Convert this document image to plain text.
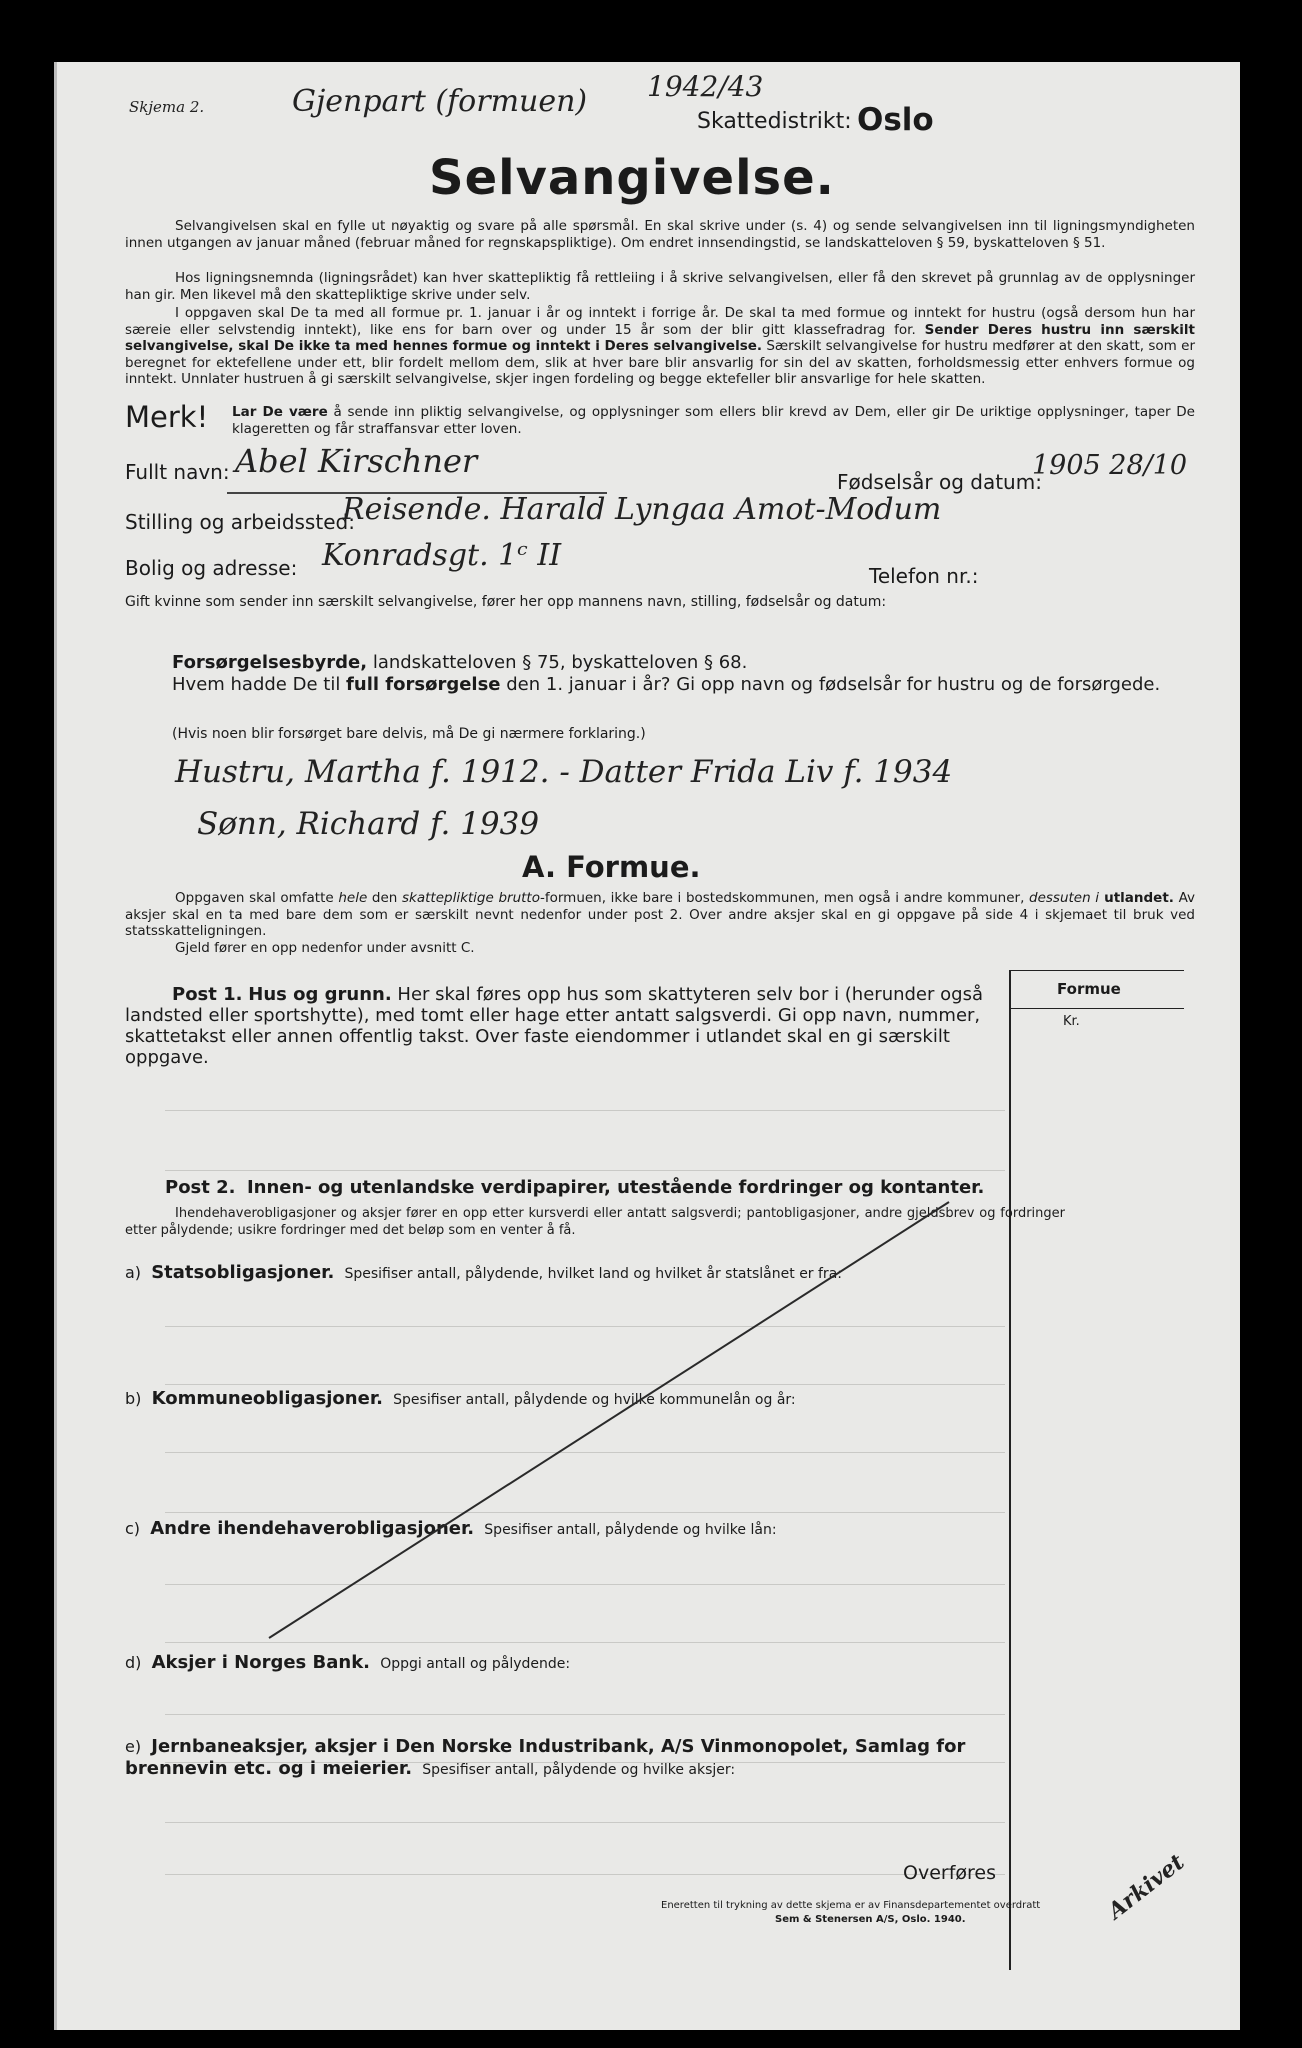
Skjema 2.	Gjenpart (formuen) 1942/43
Skattedistrikt: Oslo
Selvangivelse.
Selvangivelsen skal en fylle ut nøyaktig og svare på alle spørsmål. En skal skrive under (s. 4) og sende selvangivelsen inn til ligningsmyndigheten innen utgangen av januar måned (februar måned for regnskapspliktige). Om endret innsendingstid, se landskatteloven § 59, byskatteloven § 51.
Hos ligningsnemnda (ligningsrådet) kan hver skattepliktig få rettleiing i å skrive selvangivelsen, eller få den skrevet på grunnlag av de opplysninger han gir. Men likevel må den skattepliktige skrive under selv.
I oppgaven skal De ta med all formue pr. 1. januar i år og inntekt i forrige år. De skal ta med formue og inntekt for hustru (også dersom hun har særeie eller selvstendig inntekt), like ens for barn over og under 15 år som der blir gitt klassefradrag for. Sender Deres hustru inn særskilt selvangivelse, skal De ikke ta med hennes formue og inntekt i Deres selvangivelse. Særskilt selvangivelse for hustru medfører at den skatt, som er beregnet for ektefellene under ett, blir fordelt mellom dem, slik at hver bare blir ansvarlig for sin del av skatten, forholdsmessig etter enhvers formue og inntekt. Unnlater hustruen å gi særskilt selvangivelse, skjer ingen fordeling og begge ektefeller blir ansvarlige for hele skatten.
Merk! Lar De være å sende inn pliktig selvangivelse, og opplysninger som ellers blir krevd av Dem, eller gir De uriktige opplysninger, taper De klageretten og får straffansvar etter loven.
Fullt navn: Abel Kirschner
Fødselsår og datum:
1905 28/10
Stilling og arbeidssted:
Reisende. Harald Lyngaa Amot-Modum
Bolig og adresse: Konradsgt. 1ᶜ II
Telefon nr.:
Gift kvinne som sender inn særskilt selvangivelse, fører her opp mannens navn, stilling, fødselsår og datum:
Forsørgelsesbyrde, landskatteloven § 75, byskatteloven § 68.
Hvem hadde De til full forsørgelse den 1. januar i år? Gi opp navn og fødselsår for hustru og de forsørgede.
(Hvis noen blir forsørget bare delvis, må De gi nærmere forklaring.)
Hustru, Martha f. 1912. - Datter Frida Liv f. 1934
Sønn, Richard f. 1939
A. Formue.
Oppgaven skal omfatte hele den skattepliktige brutto-formuen, ikke bare i bostedskommunen, men også i andre kommuner, dessuten i utlandet. Av aksjer skal en ta med bare dem som er særskilt nevnt nedenfor under post 2. Over andre aksjer skal en gi oppgave på side 4 i skjemaet til bruk ved statsskatteligningen.
Gjeld fører en opp nedenfor under avsnitt C.
Formue
Kr.
Post 1. Hus og grunn. Her skal føres opp hus som skattyteren selv bor i (herunder også landsted eller sportshytte), med tomt eller hage etter antatt salgsverdi. Gi opp navn, nummer, skattetakst eller annen offentlig takst. Over faste eiendommer i utlandet skal en gi særskilt oppgave.
Post 2. Innen- og utenlandske verdipapirer, utestående fordringer og kontanter.
Ihendehaverobligasjoner og aksjer fører en opp etter kursverdi eller antatt salgsverdi; pantobligasjoner, andre gjeldsbrev og fordringer etter pålydende; usikre fordringer med det beløp som en venter å få.
a) Statsobligasjoner. Spesifiser antall, pålydende, hvilket land og hvilket år statslånet er fra:
b) Kommuneobligasjoner. Spesifiser antall, pålydende og hvilke kommunelån og år:
c) Andre ihendehaverobligasjoner. Spesifiser antall, pålydende og hvilke lån:
d) Aksjer i Norges Bank. Oppgi antall og pålydende:
e) Jernbaneaksjer, aksjer i Den Norske Industribank, A/S Vinmonopolet, Samlag for brennevin etc. og i meierier. Spesifiser antall, pålydende og hvilke aksjer:
Overføres
Eneretten til trykning av dette skjema er av Finansdepartementet overdratt
Sem & Stenersen A/S, Oslo. 1940.	Arkivet
